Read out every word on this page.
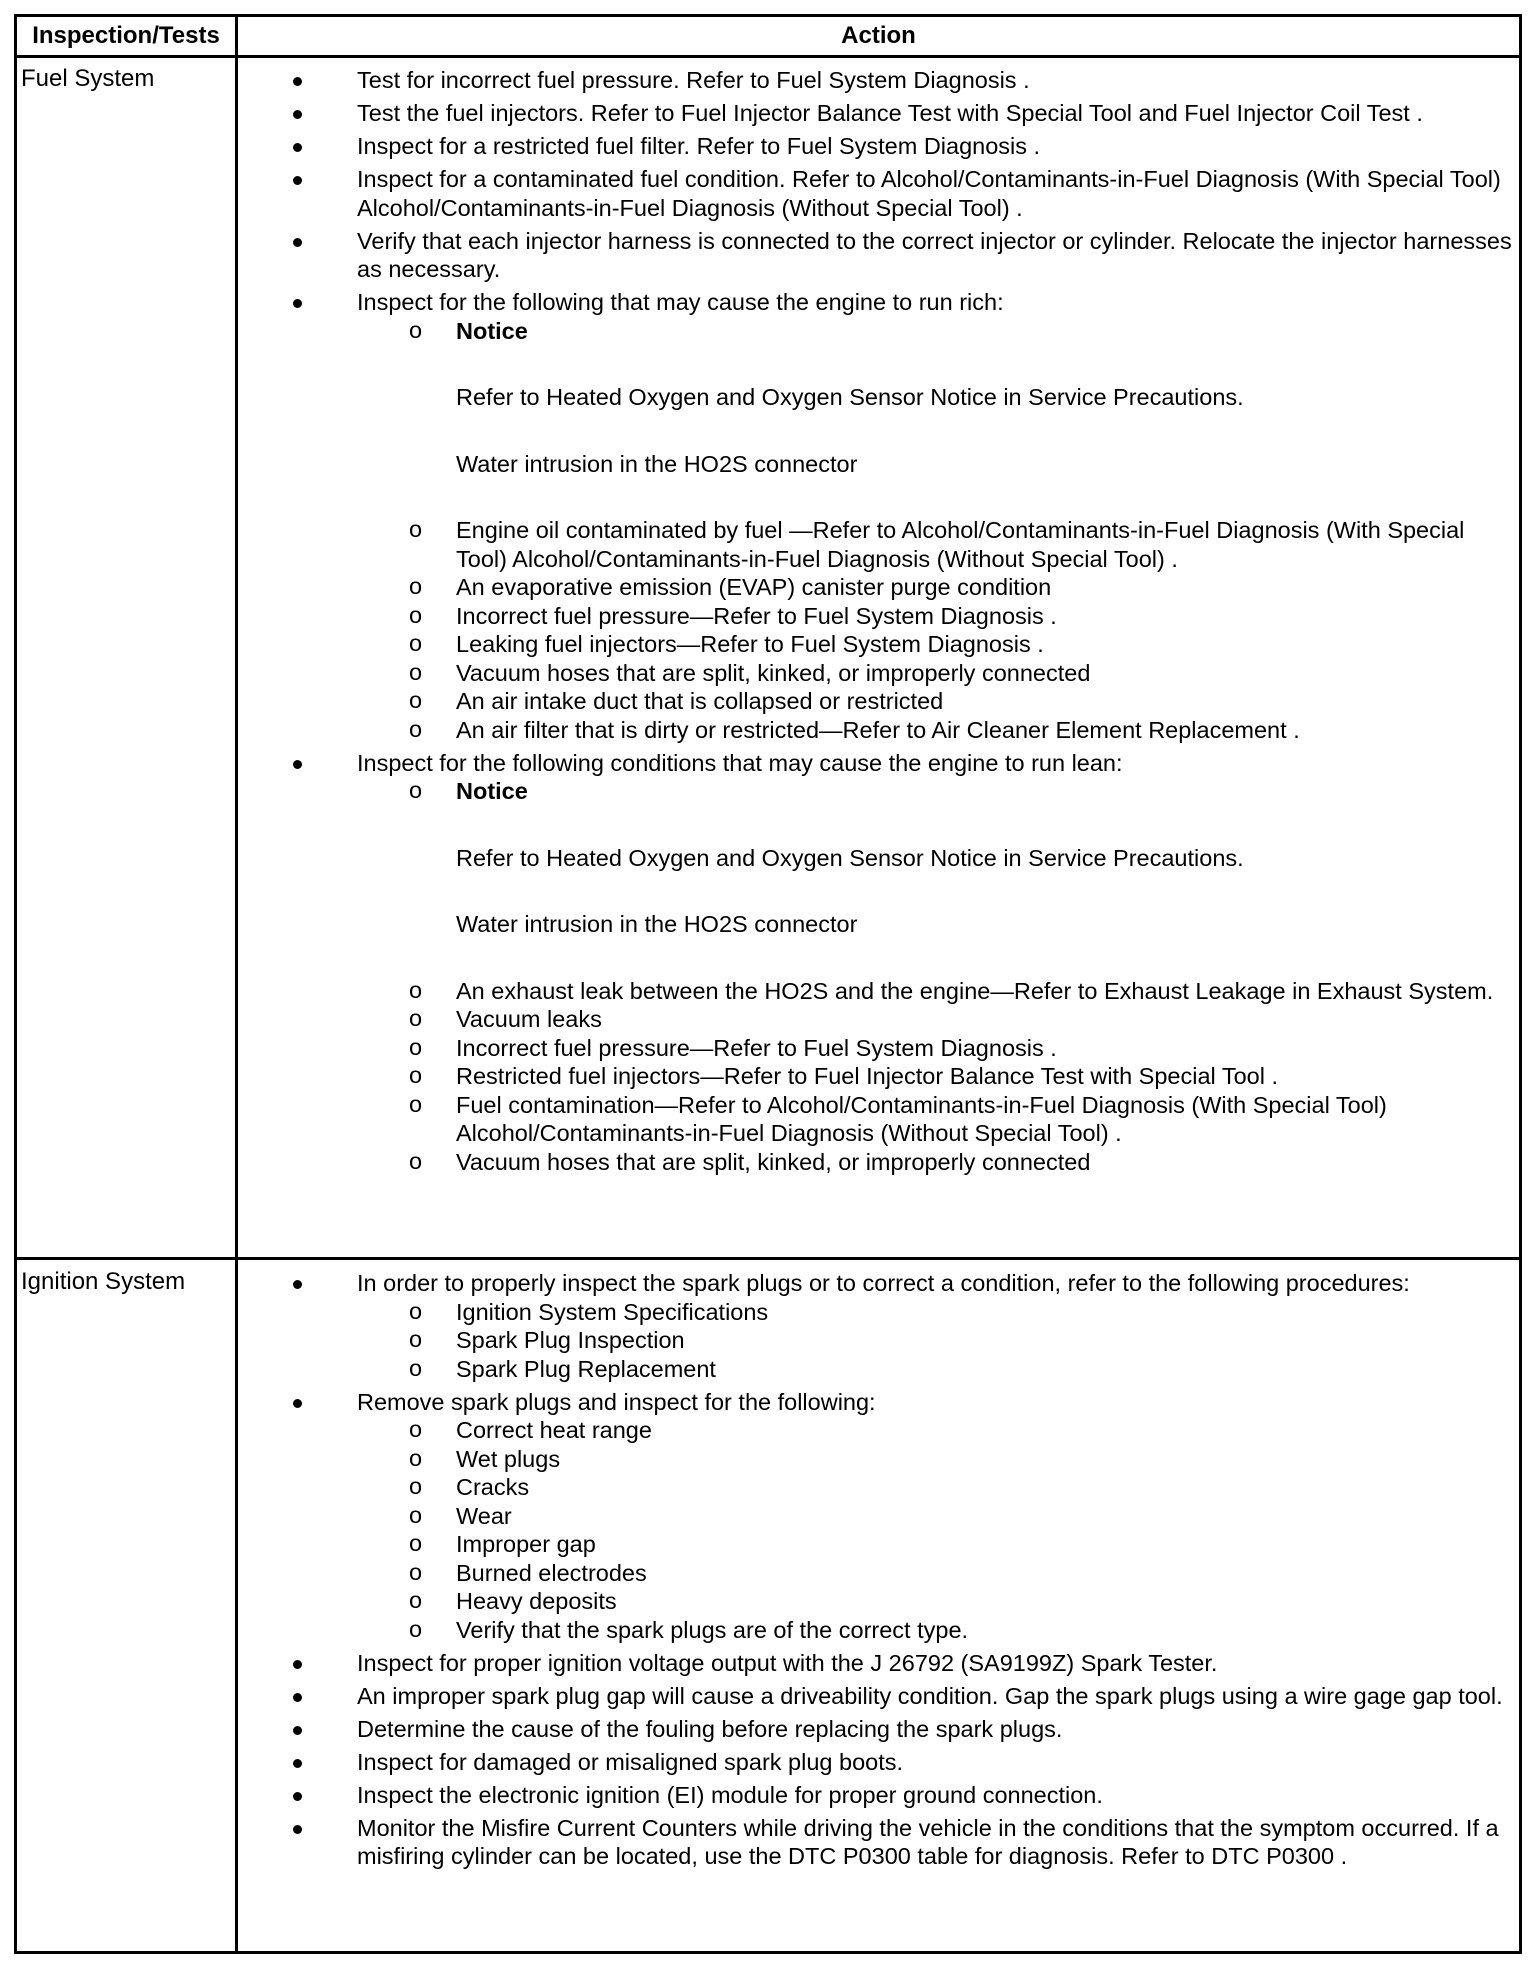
Inspection/Tests	Action
Fuel System
Ignition System
Test for incorrect fuel pressure. Refer to Fuel System Diagnosis .
Test the fuel injectors. Refer to Fuel Injector Balance Test with Special Tool and Fuel Injector Coil Test .
Inspect for a restricted fuel filter. Refer to Fuel System Diagnosis .
Inspect for a contaminated fuel condition. Refer to Alcohol/Contaminants-in-Fuel Diagnosis (With Special Tool) Alcohol/Contaminants-in-Fuel Diagnosis (Without Special Tool) .
Verify that each injector harness is connected to the correct injector or cylinder. Relocate the injector harnesses as necessary.
Inspect for the following that may cause the engine to run rich:
o Notice
Refer to Heated Oxygen and Oxygen Sensor Notice in Service Precautions.
Water intrusion in the HO2S connector
o Engine oil contaminated by fuel —Refer to Alcohol/Contaminants-in-Fuel Diagnosis (With Special Tool) Alcohol/Contaminants-in-Fuel Diagnosis (Without Special Tool) .
o An evaporative emission (EVAP) canister purge condition
o Incorrect fuel pressure—Refer to Fuel System Diagnosis .
o Leaking fuel injectors—Refer to Fuel System Diagnosis .
o Vacuum hoses that are split, kinked, or improperly connected
o An air intake duct that is collapsed or restricted
o An air filter that is dirty or restricted—Refer to Air Cleaner Element Replacement .
Inspect for the following conditions that may cause the engine to run lean:
o Notice
Refer to Heated Oxygen and Oxygen Sensor Notice in Service Precautions.
Water intrusion in the HO2S connector
o An exhaust leak between the HO2S and the engine—Refer to Exhaust Leakage in Exhaust System.
o Vacuum leaks
o Incorrect fuel pressure—Refer to Fuel System Diagnosis .
o Restricted fuel injectors—Refer to Fuel Injector Balance Test with Special Tool .
o Fuel contamination—Refer to Alcohol/Contaminants-in-Fuel Diagnosis (With Special Tool) Alcohol/Contaminants-in-Fuel Diagnosis (Without Special Tool) .
o Vacuum hoses that are split, kinked, or improperly connected
In order to properly inspect the spark plugs or to correct a condition, refer to the following procedures:
o Ignition System Specifications
o Spark Plug Inspection
o Spark Plug Replacement
Remove spark plugs and inspect for the following:
o Correct heat range
o Wet plugs
o Cracks
o Wear
o Improper gap
o Burned electrodes
o Heavy deposits
o Verify that the spark plugs are of the correct type.
Inspect for proper ignition voltage output with the J 26792 (SA9199Z) Spark Tester.
An improper spark plug gap will cause a driveability condition. Gap the spark plugs using a wire gage gap tool.
Determine the cause of the fouling before replacing the spark plugs.
Inspect for damaged or misaligned spark plug boots.
Inspect the electronic ignition (EI) module for proper ground connection.
Monitor the Misfire Current Counters while driving the vehicle in the conditions that the symptom occurred. If a misfiring cylinder can be located, use the DTC P0300 table for diagnosis. Refer to DTC P0300 .
